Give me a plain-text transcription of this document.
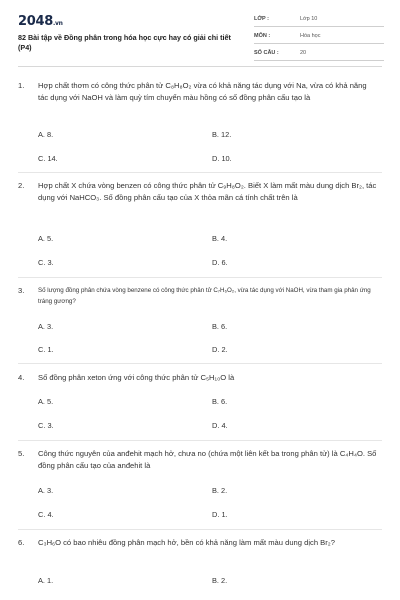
2048.vn
82 Bài tập về Đồng phân trong hóa học cực hay có giải chi tiết (P4)
LỚP :	Lớp 10
MÔN :	Hóa học
SỐ CÂU :	20
1.	Hợp chất thơm có công thức phân tử C₈H₈O₂ vừa có khả năng tác dụng với Na, vừa có khả năng tác dụng với NaOH và làm quỳ tím chuyển màu hồng có số đồng phân cấu tạo là
A. 8.	B. 12.
C. 14.	D. 10.
2.	Hợp chất X chứa vòng benzen có công thức phân tử C₉H₈O₂. Biết X làm mất màu dung dịch Br₂, tác dụng với NaHCO₃. Số đồng phân cấu tạo của X thỏa mãn cá tính chất trên là
A. 5.	B. 4.
C. 3.	D. 6.
3.	Số lượng đồng phân chứa vòng benzene có công thức phân tử C₇H₆O₂, vừa tác dụng với NaOH, vừa tham gia phản ứng tráng gương?
A. 3.	B. 6.
C. 1.	D. 2.
4.	Số đồng phân xeton ứng với công thức phân tử C₅H₁₀O là
A. 5.	B. 6.
C. 3.	D. 4.
5.	Công thức nguyên của anđehit mạch hở, chưa no (chứa một liên kết ba trong phân tử) là C₄H₄O. Số đồng phân cấu tạo của anđehit là
A. 3.	B. 2.
C. 4.	D. 1.
6.	C₃H₆O có bao nhiêu đồng phân mạch hở, bền có khả năng làm mất màu dung dịch Br₂?
A. 1.	B. 2.
